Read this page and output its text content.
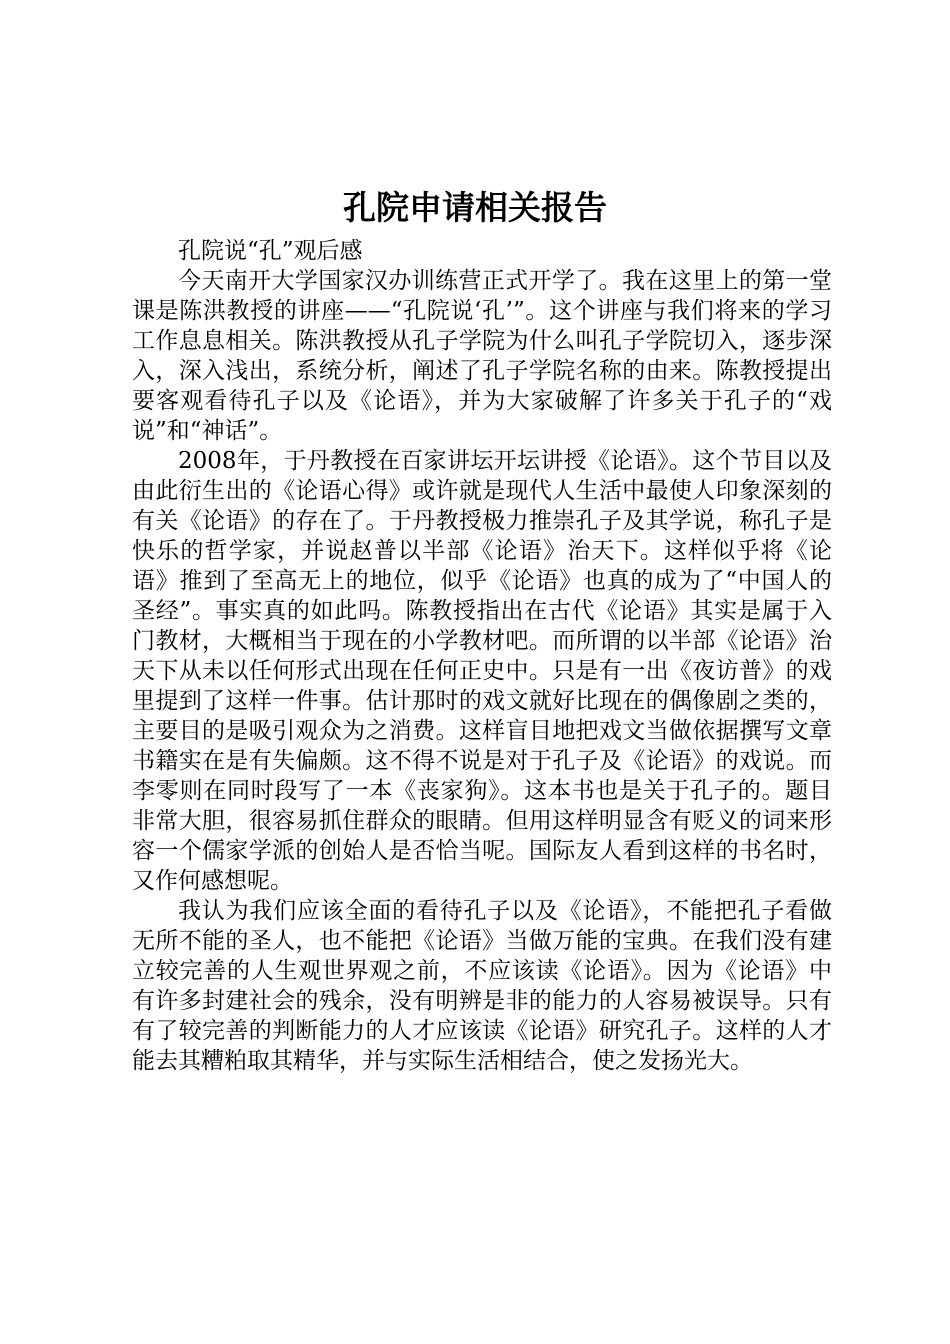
孔院申请相关报告

孔院说“孔”观后感

今天南开大学国家汉办训练营正式开学了。我在这里上的第一堂课是陈洪教授的讲座——“孔院说‘孔’”。这个讲座与我们将来的学习工作息息相关。陈洪教授从孔子学院为什么叫孔子学院切入，逐步深入，深入浅出，系统分析，阐述了孔子学院名称的由来。陈教授提出要客观看待孔子以及《论语》，并为大家破解了许多关于孔子的“戏说”和“神话”。

2008年，于丹教授在百家讲坛开坛讲授《论语》。这个节目以及由此衍生出的《论语心得》或许就是现代人生活中最使人印象深刻的有关《论语》的存在了。于丹教授极力推崇孔子及其学说，称孔子是快乐的哲学家，并说赵普以半部《论语》治天下。这样似乎将《论语》推到了至高无上的地位，似乎《论语》也真的成为了“中国人的圣经”。事实真的如此吗。陈教授指出在古代《论语》其实是属于入门教材，大概相当于现在的小学教材吧。而所谓的以半部《论语》治天下从未以任何形式出现在任何正史中。只是有一出《夜访普》的戏里提到了这样一件事。估计那时的戏文就好比现在的偶像剧之类的，主要目的是吸引观众为之消费。这样盲目地把戏文当做依据撰写文章书籍实在是有失偏颇。这不得不说是对于孔子及《论语》的戏说。而李零则在同时段写了一本《丧家狗》。这本书也是关于孔子的。题目非常大胆，很容易抓住群众的眼睛。但用这样明显含有贬义的词来形容一个儒家学派的创始人是否恰当呢。国际友人看到这样的书名时，又作何感想呢。

我认为我们应该全面的看待孔子以及《论语》，不能把孔子看做无所不能的圣人，也不能把《论语》当做万能的宝典。在我们没有建立较完善的人生观世界观之前，不应该读《论语》。因为《论语》中有许多封建社会的残余，没有明辨是非的能力的人容易被误导。只有有了较完善的判断能力的人才应该读《论语》研究孔子。这样的人才能去其糟粕取其精华，并与实际生活相结合，使之发扬光大。
